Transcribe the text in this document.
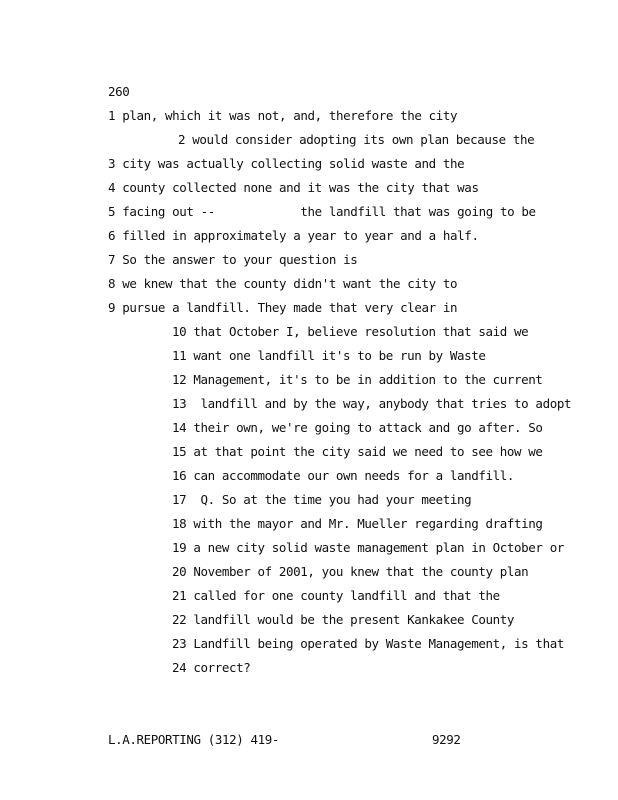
260
1 plan, which it was not, and, therefore the city
2 would consider adopting its own plan because the
3 city was actually collecting solid waste and the
4 county collected none and it was the city that was
5 facing out --            the landfill that was going to be
6 filled in approximately a year to year and a half.
7 So the answer to your question is
8 we knew that the county didn't want the city to
9 pursue a landfill. They made that very clear in
10 that October I, believe resolution that said we
11 want one landfill it's to be run by Waste
12 Management, it's to be in addition to the current
13  landfill and by the way, anybody that tries to adopt
14 their own, we're going to attack and go after. So
15 at that point the city said we need to see how we
16 can accommodate our own needs for a landfill.
17  Q. So at the time you had your meeting
18 with the mayor and Mr. Mueller regarding drafting
19 a new city solid waste management plan in October or
20 November of 2001, you knew that the county plan
21 called for one county landfill and that the
22 landfill would be the present Kankakee County
23 Landfill being operated by Waste Management, is that
24 correct?
L.A.REPORTING (312) 419-	9292
